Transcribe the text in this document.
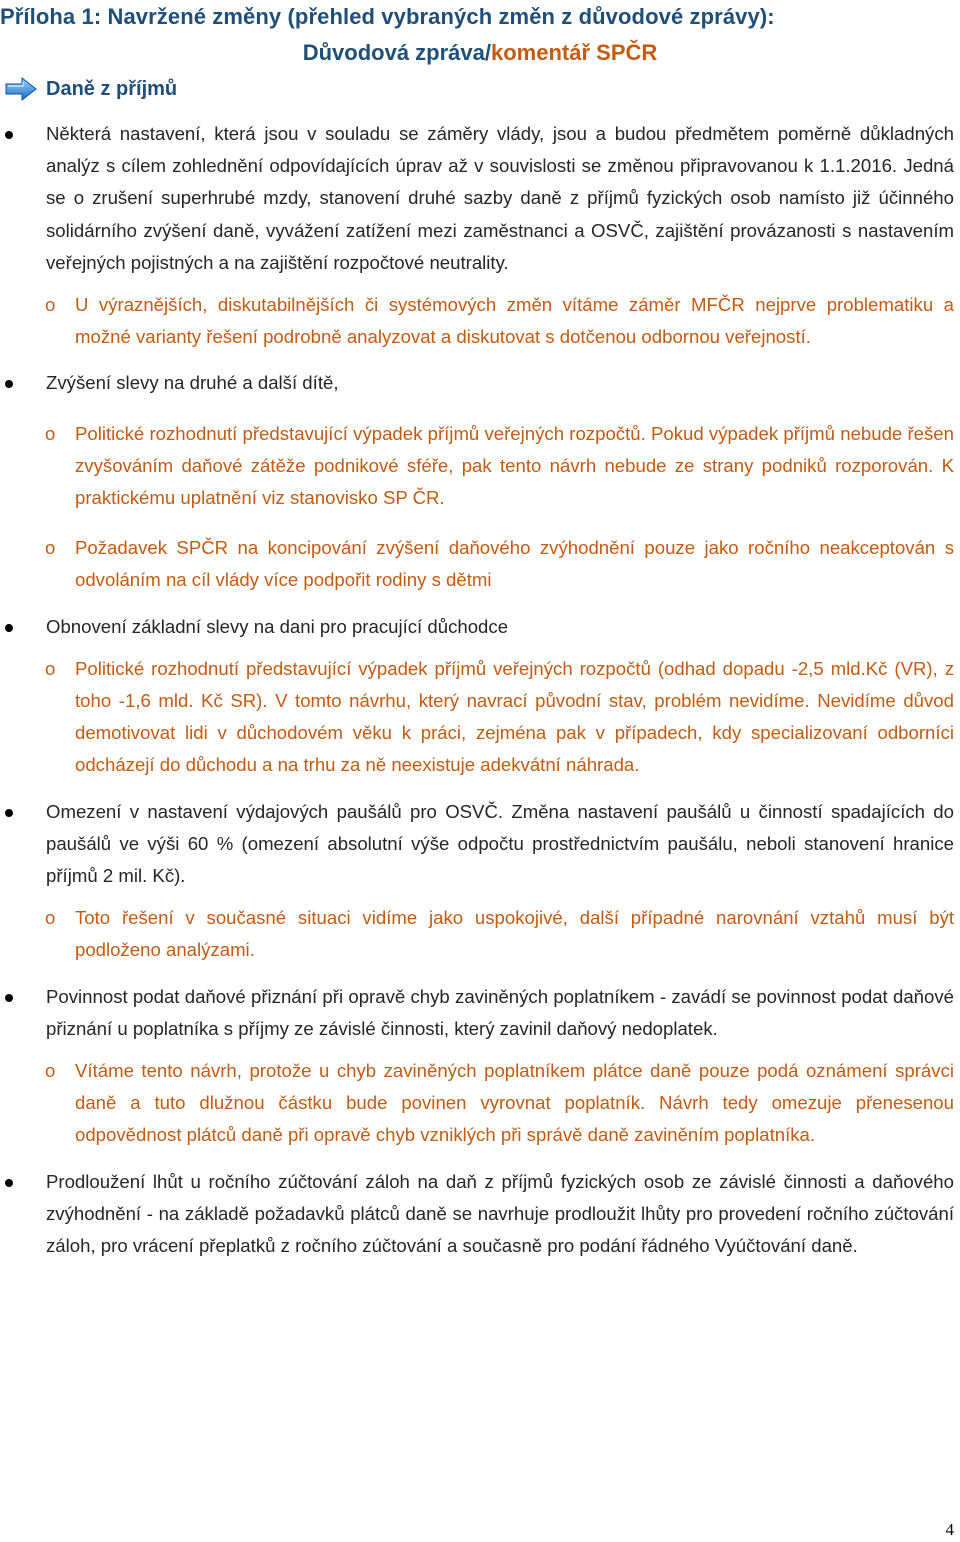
Příloha 1: Navržené změny (přehled vybraných změn z důvodové zprávy):
Důvodová zpráva/komentář SPČR
Daně z příjmů
Některá nastavení, která jsou v souladu se záměry vlády, jsou a budou předmětem poměrně důkladných analýz s cílem zohlednění odpovídajících úprav až v souvislosti se změnou připravovanou k 1.1.2016. Jedná se o zrušení superhrubé mzdy, stanovení druhé sazby daně z příjmů fyzických osob namísto již účinného solidárního zvýšení daně, vyvážení zatížení mezi zaměstnanci a OSVČ, zajištění provázanosti s nastavením veřejných pojistných a na zajištění rozpočtové neutrality.
o U výraznějších, diskutabilnějších či systémových změn vítáme záměr MFČR nejprve problematiku a možné varianty řešení podrobně analyzovat a diskutovat s dotčenou odbornou veřejností.
Zvýšení slevy na druhé a další dítě,
o Politické rozhodnutí představující výpadek příjmů veřejných rozpočtů. Pokud výpadek příjmů nebude řešen zvyšováním daňové zátěže podnikové sféře, pak tento návrh nebude ze strany podniků rozporován. K praktickému uplatnění viz stanovisko SP ČR.
o Požadavek SPČR na koncipování zvýšení daňového zvýhodnění pouze jako ročního neakceptován s odvoláním na cíl vlády více podpořit rodiny s dětmi
Obnovení základní slevy na dani pro pracující důchodce
o Politické rozhodnutí představující výpadek příjmů veřejných rozpočtů (odhad dopadu -2,5 mld.Kč (VR), z toho -1,6 mld. Kč SR). V tomto návrhu, který navrací původní stav, problém nevidíme. Nevidíme důvod demotivovat lidi v důchodovém věku k práci, zejména pak v případech, kdy specializovaní odborníci odcházejí do důchodu a na trhu za ně neexistuje adekvátní náhrada.
Omezení v nastavení výdajových paušálů pro OSVČ. Změna nastavení paušálů u činností spadajících do paušálů ve výši 60 % (omezení absolutní výše odpočtu prostřednictvím paušálu, neboli stanovení hranice příjmů 2 mil. Kč).
o Toto řešení v současné situaci vidíme jako uspokojivé, další případné narovnání vztahů musí být podloženo analýzami.
Povinnost podat daňové přiznání při opravě chyb zaviněných poplatníkem - zavádí se povinnost podat daňové přiznání u poplatníka s příjmy ze závislé činnosti, který zavinil daňový nedoplatek.
o Vítáme tento návrh, protože u chyb zaviněných poplatníkem plátce daně pouze podá oznámení správci daně a tuto dlužnou částku bude povinen vyrovnat poplatník. Návrh tedy omezuje přenesenou odpovědnost plátců daně při opravě chyb vzniklých při správě daně zaviněním poplatníka.
Prodloužení lhůt u ročního zúčtování záloh na daň z příjmů fyzických osob ze závislé činnosti a daňového zvýhodnění - na základě požadavků plátců daně se navrhuje prodloužit lhůty pro provedení ročního zúčtování záloh, pro vrácení přeplatků z ročního zúčtování a současně pro podání řádného Vyúčtování daně.
4
